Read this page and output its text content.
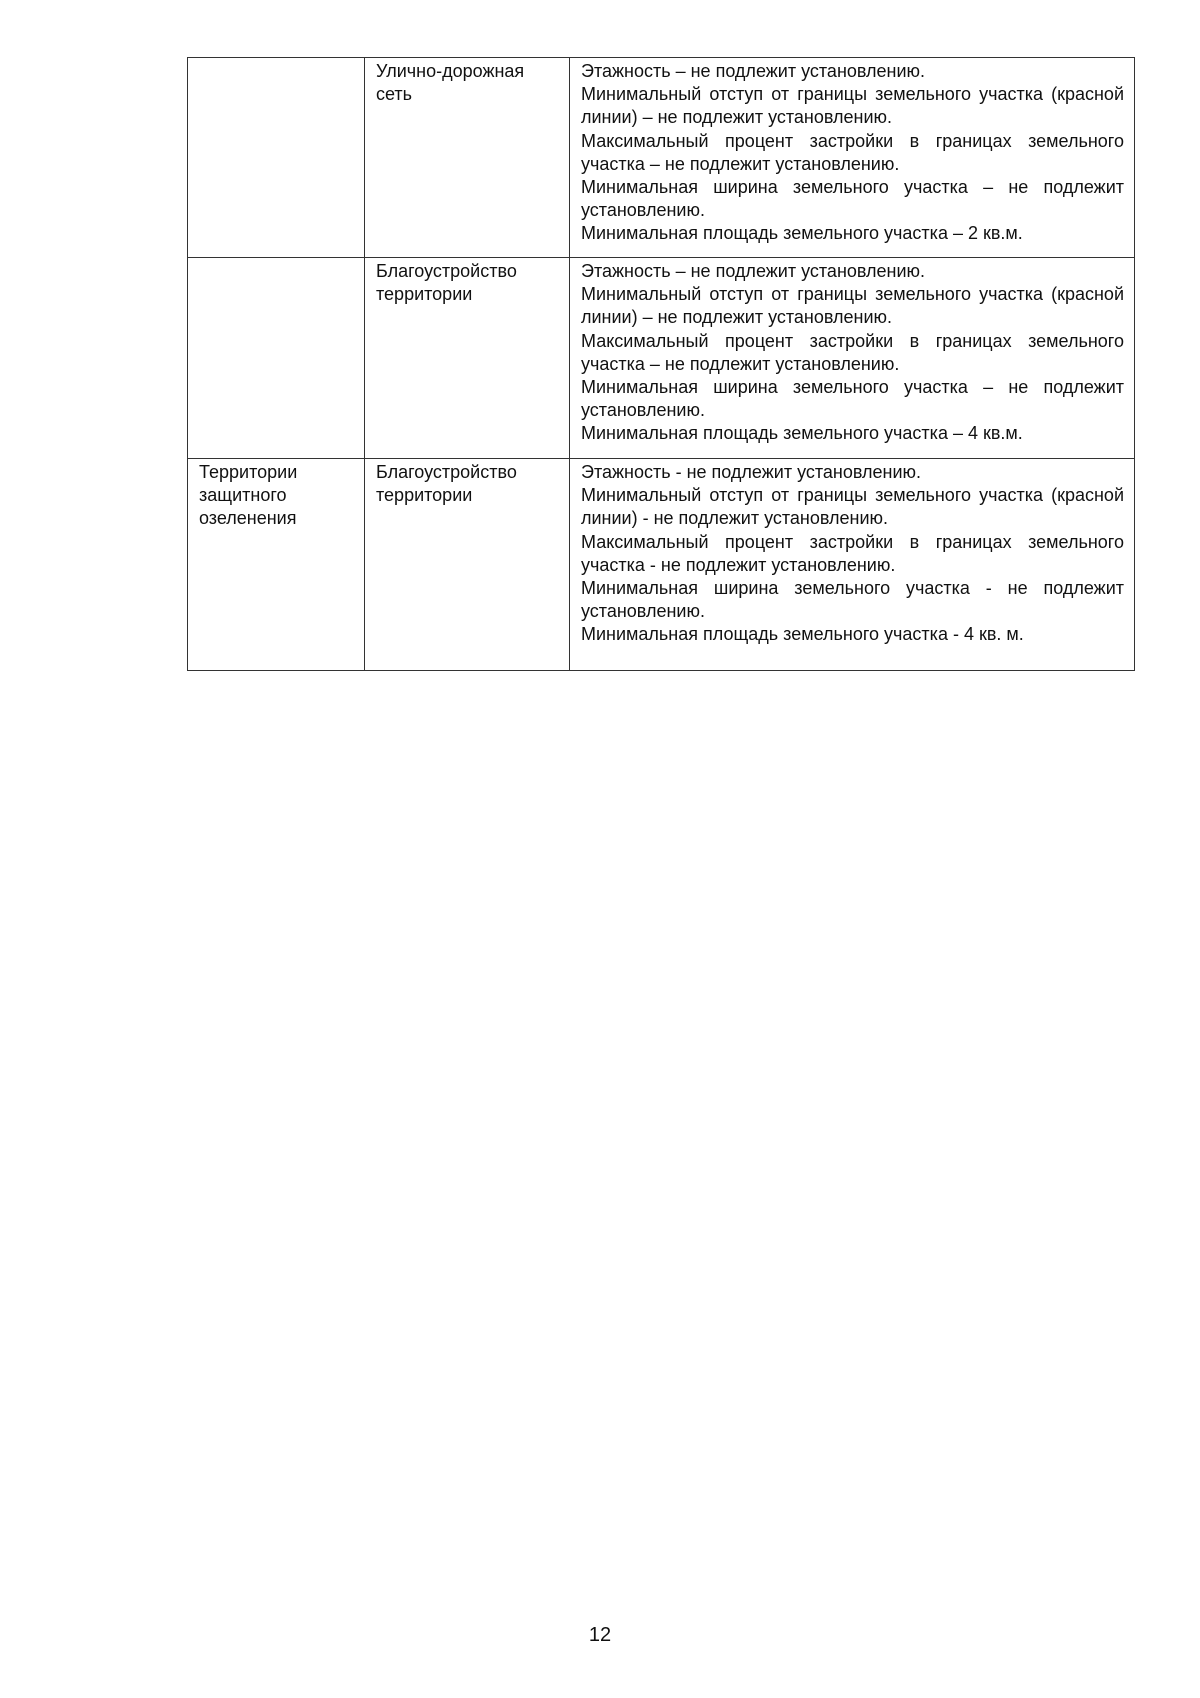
	Улично-дорожная сеть	Этажность – не подлежит установлению.

Минимальный отступ от границы земельного участка (красной линии) – не подлежит установлению.

Максимальный процент застройки в границах земельного участка – не подлежит установлению.

Минимальная ширина земельного участка – не подлежит установлению.

Минимальная площадь земельного участка – 2 кв.м.

	Благоустройство территории	Этажность – не подлежит установлению.

Минимальный отступ от границы земельного участка (красной линии) – не подлежит установлению.

Максимальный процент застройки в границах земельного участка – не подлежит установлению.

Минимальная ширина земельного участка – не подлежит установлению.

Минимальная площадь земельного участка – 4 кв.м.

Территории защитного озеленения	Благоустройство территории	Этажность - не подлежит установлению.

Минимальный отступ от границы земельного участка (красной линии) - не подлежит установлению.

Максимальный процент застройки в границах земельного участка - не подлежит установлению.

Минимальная ширина земельного участка - не подлежит установлению.

Минимальная площадь земельного участка - 4 кв. м.

12
